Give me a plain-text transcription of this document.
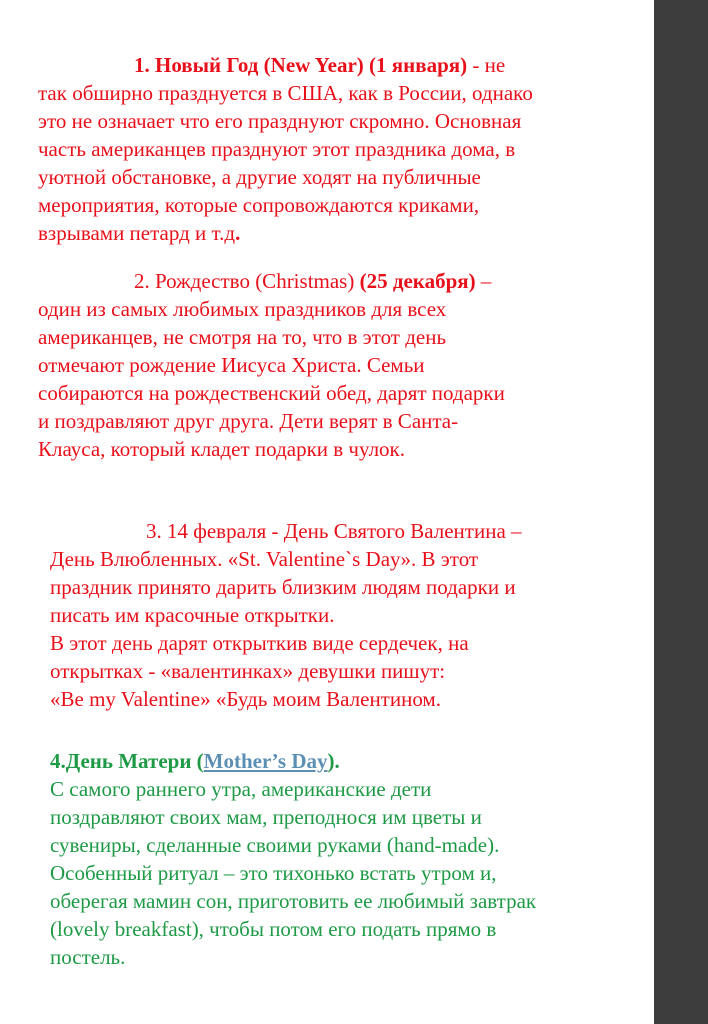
1. Новый Год (New Year) (1 января) - не
так обширно празднуется в США, как в России, однако
это не означает что его празднуют скромно. Основная
часть американцев празднуют этот праздника дома, в
уютной обстановке, а другие ходят на публичные
мероприятия, которые сопровождаются криками,
взрывами петард и т.д.
2. Рождество (Christmas) (25 декабря) –
один из самых любимых праздников для всех
американцев, не смотря на то, что в этот день
отмечают рождение Иисуса Христа. Семьи
собираются на рождественский обед, дарят подарки
и поздравляют друг друга. Дети верят в Санта-
Клауса, который кладет подарки в чулок.
3. 14 февраля - День Святого Валентина –
День Влюбленных. «St. Valentine`s Day». В этот
праздник принято дарить близким людям подарки и
писать им красочные открытки.
В этот день дарят открыткив виде сердечек, на
открытках - «валентинках» девушки пишут:
«Be my Valentine» «Будь моим Валентином.
4.День Матери (Mother’s Day).
С самого раннего утра, американские дети
поздравляют своих мам, преподнося им цветы и
сувениры, сделанные своими руками (hand-made).
Особенный ритуал – это тихонько встать утром и,
оберегая мамин сон, приготовить ее любимый завтрак
(lovely breakfast), чтобы потом его подать прямо в
постель.
